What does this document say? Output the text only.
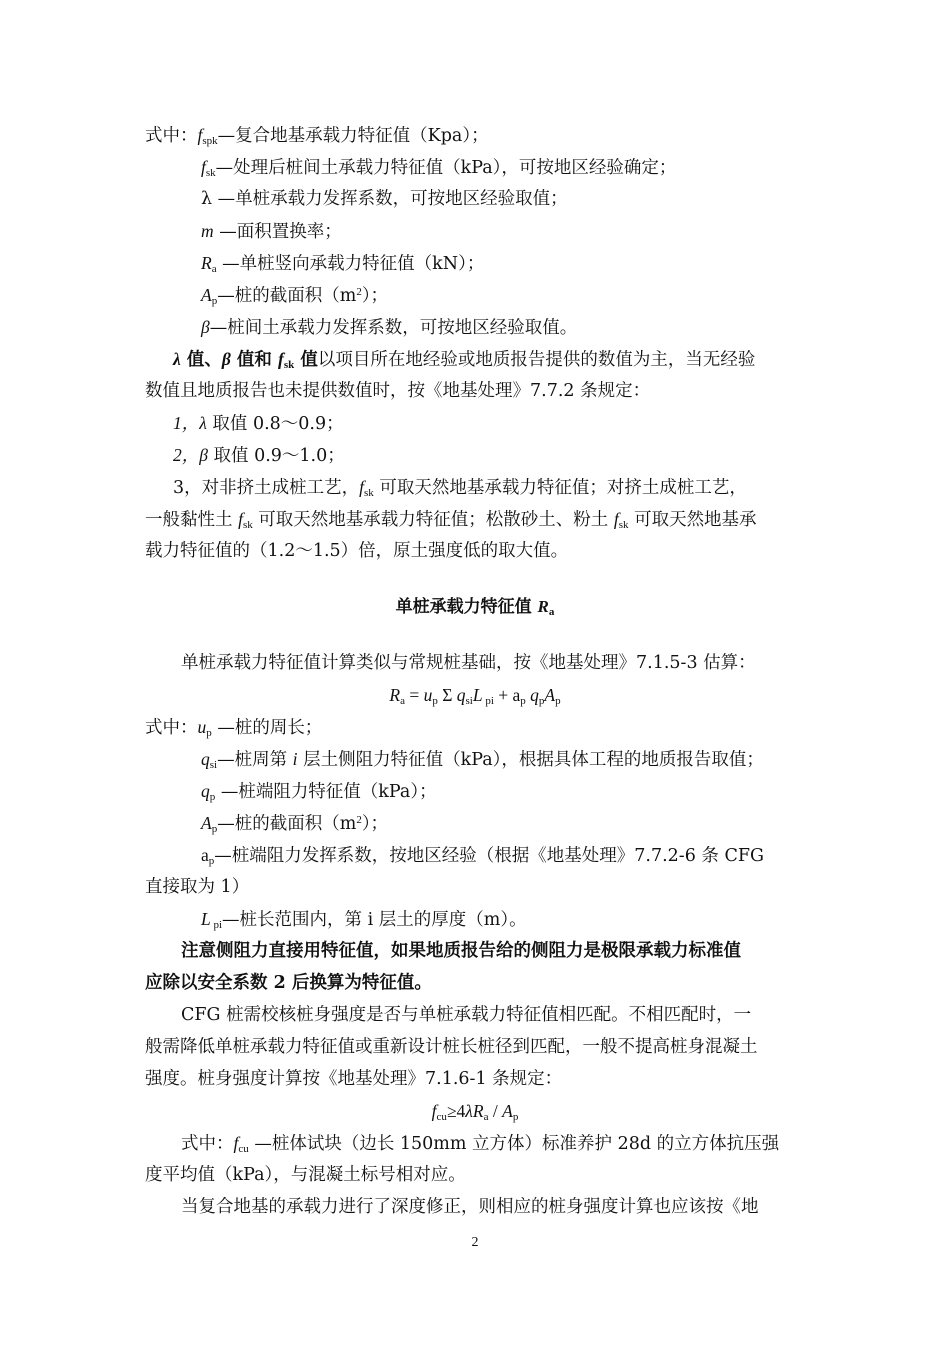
式中：$f_{spk}—$复合地基承载力特征值（Kpa）；
$f_{sk}—$处理后桩间土承载力特征值（kPa），可按地区经验确定；
λ —单桩承载力发挥系数，可按地区经验取值；
m —面积置换率；
$R_a$ —单桩竖向承载力特征值（kN）；
$A_p—$桩的截面积$(m^2)$；
β—桩间土承载力发挥系数，可按地区经验取值。
λ 值、β 值和 $f_{sk}$ 值以项目所在地经验或地质报告提供的数值为主，当无经验
数值且地质报告也未提供数值时，按《地基处理》7.7.2 条规定：
1，λ 取值 0.8～0.9；
2，β 取值 0.9～1.0；
3，对非挤土成桩工艺，$f_{sk}$ 可取天然地基承载力特征值；对挤土成桩工艺，
一般黏性土 $f_{sk}$ 可取天然地基承载力特征值；松散砂土、粉土 $f_{sk}$ 可取天然地基承
载力特征值的（1.2～1.5）倍，原土强度低的取大值。
单桩承载力特征值 $R_a$
单桩承载力特征值计算类似与常规桩基础，按《地基处理》7.1.5-3 估算：
$R_a = u_p$ Σ $q_{si}L$ $_{pi} + a_p$ $q_pA_p$
式中：$u_p$ —桩的周长；
$q_{si}—$桩周第 i 层土侧阻力特征值（kPa），根据具体工程的地质报告取值；
$q_p$ —桩端阻力特征值（kPa）；
$A_p—$桩的截面积$(m^2)$；
$a_p—$桩端阻力发挥系数，按地区经验（根据《地基处理》7.7.2-6 条 CFG
直接取为 1）
L $_{pi}$—桩长范围内，第 i 层土的厚度（m）。
注意侧阻力直接用特征值，如果地质报告给的侧阻力是极限承载力标准值
应除以安全系数 2 后换算为特征值。
CFG 桩需校核桩身强度是否与单桩承载力特征值相匹配。不相匹配时，一
般需降低单桩承载力特征值或重新设计桩长桩径到匹配，一般不提高桩身混凝土
强度。桩身强度计算按《地基处理》7.1.6-1 条规定：
$f_{cu}\ge 4\lambda R_a / A_p$
式中：$f_{cu}$ —桩体试块（边长 150mm 立方体）标准养护 28d 的立方体抗压强
度平均值（kPa），与混凝土标号相对应。
当复合地基的承载力进行了深度修正，则相应的桩身强度计算也应该按《地
2
